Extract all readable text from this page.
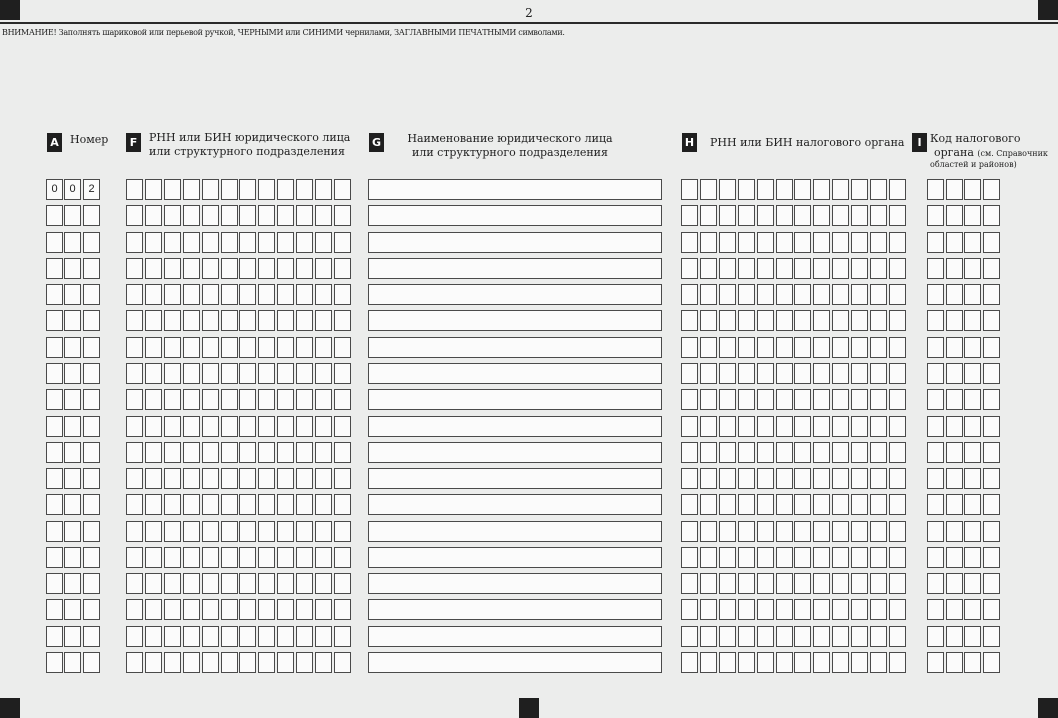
2
ВНИМАНИЕ! Заполнять шариковой или перьевой ручкой, ЧЕРНЫМИ или СИНИМИ чернилами, ЗАГЛАВНЫМИ ПЕЧАТНЫМИ символами.
A Номер	F	РНН или БИН юридического лица
или структурного подразделения
G	Наименование юридического лица
или структурного подразделения
H РНН или БИН налогового органа	I Код налогового
органа (см. Справочник
областей и районов)
0	0	2
